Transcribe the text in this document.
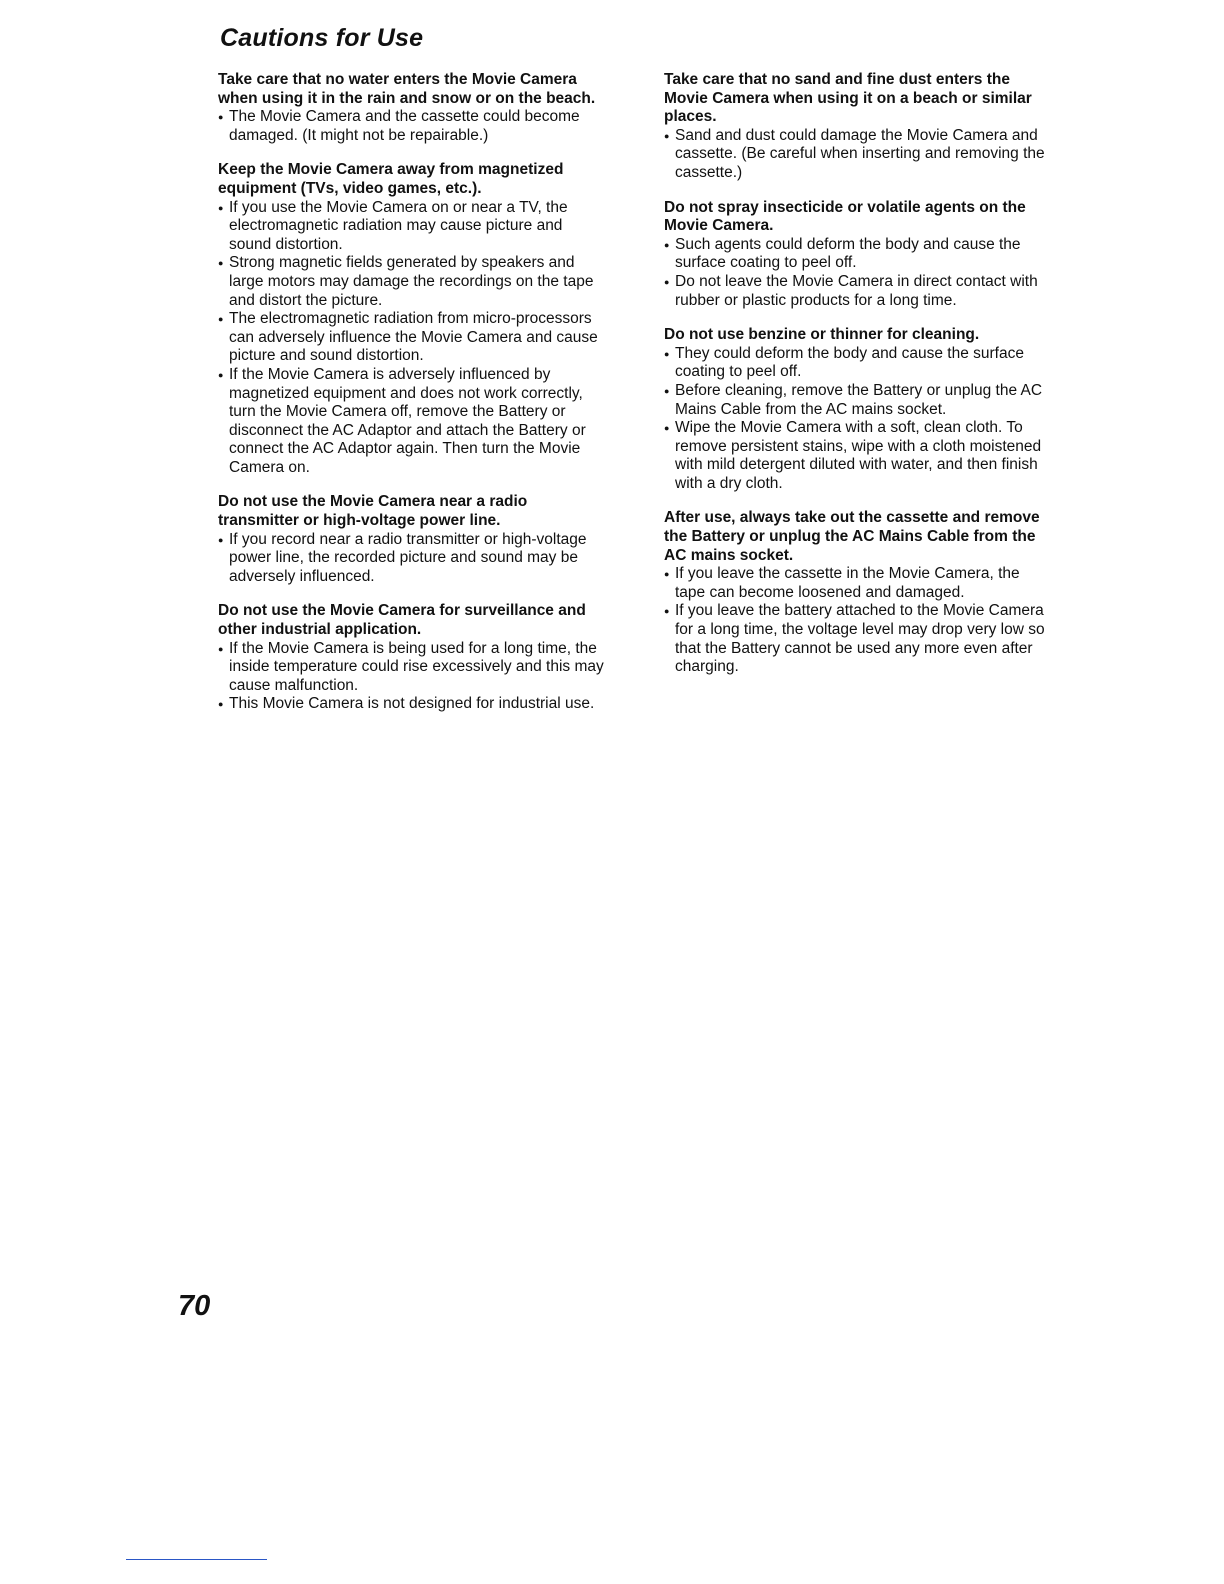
Cautions for Use

Take care that no water enters the Movie Camera when using it in the rain and snow or on the beach.

● The Movie Camera and the cassette could become damaged. (It might not be repairable.)

Keep the Movie Camera away from magnetized equipment (TVs, video games, etc.).

● If you use the Movie Camera on or near a TV, the electromagnetic radiation may cause picture and sound distortion.
● Strong magnetic fields generated by speakers and large motors may damage the recordings on the tape and distort the picture.
● The electromagnetic radiation from micro-processors can adversely influence the Movie Camera and cause picture and sound distortion.
● If the Movie Camera is adversely influenced by magnetized equipment and does not work correctly, turn the Movie Camera off, remove the Battery or disconnect the AC Adaptor and attach the Battery or connect the AC Adaptor again. Then turn the Movie Camera on.

Do not use the Movie Camera near a radio transmitter or high-voltage power line.

● If you record near a radio transmitter or high-voltage power line, the recorded picture and sound may be adversely influenced.

Do not use the Movie Camera for surveillance and other industrial application.

● If the Movie Camera is being used for a long time, the inside temperature could rise excessively and this may cause malfunction.
● This Movie Camera is not designed for industrial use.

Take care that no sand and fine dust enters the Movie Camera when using it on a beach or similar places.

● Sand and dust could damage the Movie Camera and cassette. (Be careful when inserting and removing the cassette.)

Do not spray insecticide or volatile agents on the Movie Camera.

● Such agents could deform the body and cause the surface coating to peel off.
● Do not leave the Movie Camera in direct contact with rubber or plastic products for a long time.

Do not use benzine or thinner for cleaning.

● They could deform the body and cause the surface coating to peel off.
● Before cleaning, remove the Battery or unplug the AC Mains Cable from the AC mains socket.
● Wipe the Movie Camera with a soft, clean cloth. To remove persistent stains, wipe with a cloth moistened with mild detergent diluted with water, and then finish with a dry cloth.

After use, always take out the cassette and remove the Battery or unplug the AC Mains Cable from the AC mains socket.

● If you leave the cassette in the Movie Camera, the tape can become loosened and damaged.
● If you leave the battery attached to the Movie Camera for a long time, the voltage level may drop very low so that the Battery cannot be used any more even after charging.
70
